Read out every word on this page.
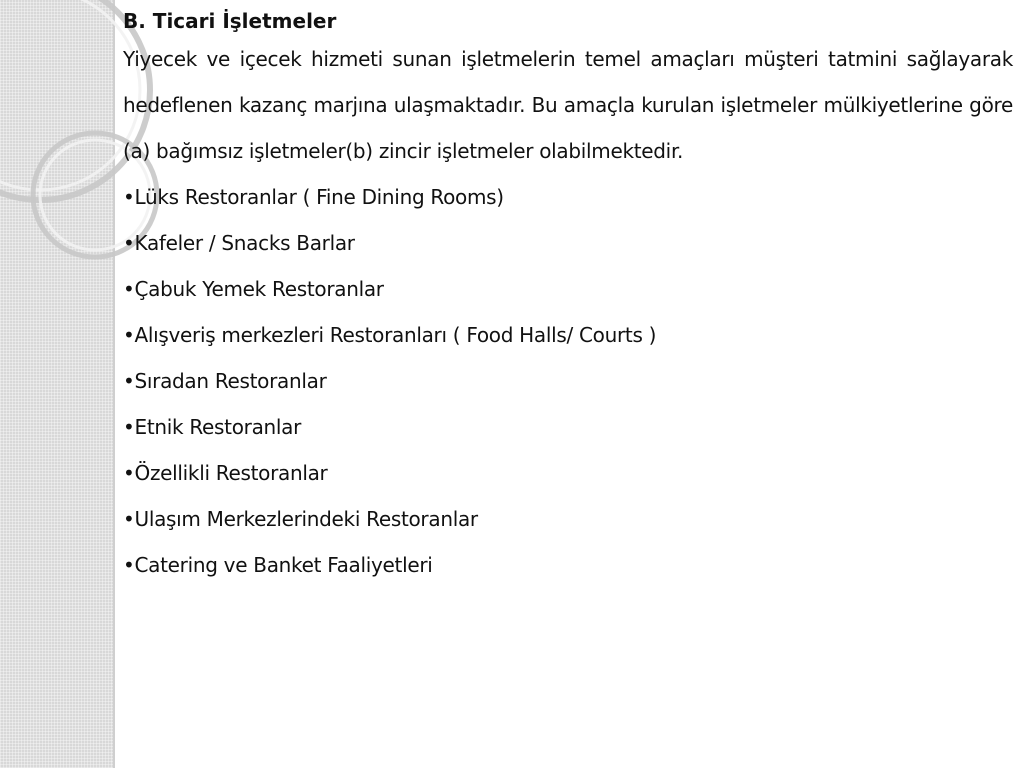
B. Ticari İşletmeler

Yiyecek ve içecek hizmeti sunan işletmelerin temel amaçları müşteri tatmini sağlayarak hedeflenen kazanç marjına ulaşmaktadır. Bu amaçla kurulan işletmeler mülkiyetlerine göre (a) bağımsız işletmeler(b) zincir işletmeler olabilmektedir.

•Lüks Restoranlar ( Fine Dining Rooms)
•Kafeler / Snacks Barlar
•Çabuk Yemek Restoranlar
•Alışveriş merkezleri Restoranları ( Food Halls/ Courts )
•Sıradan Restoranlar
•Etnik Restoranlar
•Özellikli Restoranlar
•Ulaşım Merkezlerindeki Restoranlar
•Catering ve Banket Faaliyetleri
